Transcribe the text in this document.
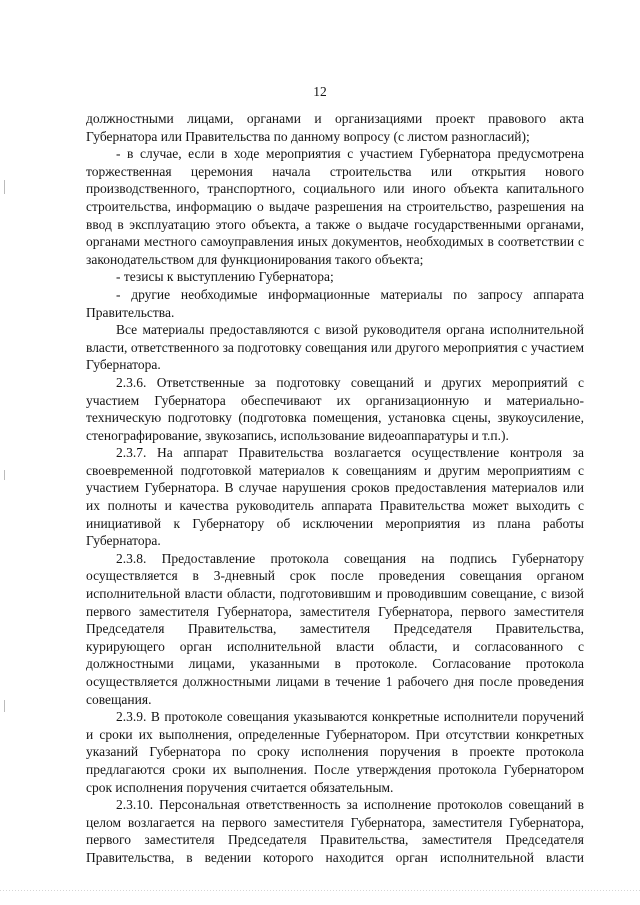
12

должностными лицами, органами и организациями проект правового акта Губернатора или Правительства по данному вопросу (с листом разногласий);

- в случае, если в ходе мероприятия с участием Губернатора предусмотрена торжественная церемония начала строительства или открытия нового производственного, транспортного, социального или иного объекта капитального строительства, информацию о выдаче разрешения на строительство, разрешения на ввод в эксплуатацию этого объекта, а также о выдаче государственными органами, органами местного самоуправления иных документов, необходимых в соответствии с законодательством для функционирования такого объекта;

- тезисы к выступлению Губернатора;

- другие необходимые информационные материалы по запросу аппарата Правительства.

Все материалы предоставляются с визой руководителя органа исполнительной власти, ответственного за подготовку совещания или другого мероприятия с участием Губернатора.

2.3.6. Ответственные за подготовку совещаний и других мероприятий с участием Губернатора обеспечивают их организационную и материально-техническую подготовку (подготовка помещения, установка сцены, звукоусиление, стенографирование, звукозапись, использование видеоаппаратуры и т.п.).

2.3.7. На аппарат Правительства возлагается осуществление контроля за своевременной подготовкой материалов к совещаниям и другим мероприятиям с участием Губернатора. В случае нарушения сроков предоставления материалов или их полноты и качества руководитель аппарата Правительства может выходить с инициативой к Губернатору об исключении мероприятия из плана работы Губернатора.

2.3.8. Предоставление протокола совещания на подпись Губернатору осуществляется в 3-дневный срок после проведения совещания органом исполнительной власти области, подготовившим и проводившим совещание, с визой первого заместителя Губернатора, заместителя Губернатора, первого заместителя Председателя Правительства, заместителя Председателя Правительства, курирующего орган исполнительной власти области, и согласованного с должностными лицами, указанными в протоколе. Согласование протокола осуществляется должностными лицами в течение 1 рабочего дня после проведения совещания.

2.3.9. В протоколе совещания указываются конкретные исполнители поручений и сроки их выполнения, определенные Губернатором. При отсутствии конкретных указаний Губернатора по сроку исполнения поручения в проекте протокола предлагаются сроки их выполнения. После утверждения протокола Губернатором срок исполнения поручения считается обязательным.

2.3.10. Персональная ответственность за исполнение протоколов совещаний в целом возлагается на первого заместителя Губернатора, заместителя Губернатора, первого заместителя Председателя Правительства, заместителя Председателя Правительства, в ведении которого находится орган исполнительной власти
